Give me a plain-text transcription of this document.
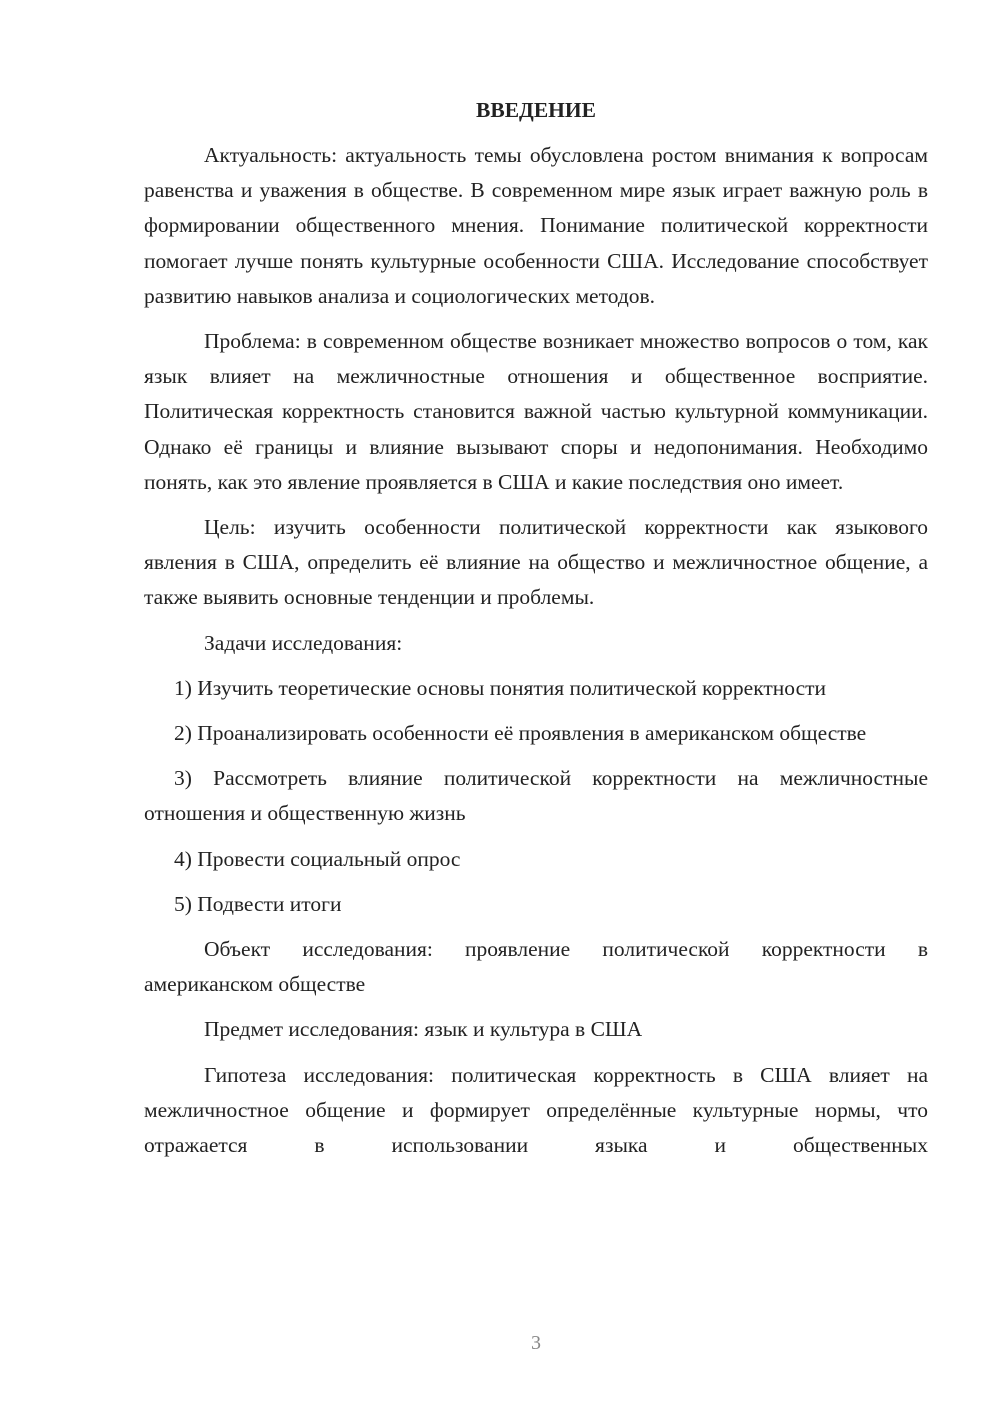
ВВЕДЕНИЕ

Актуальность: актуальность темы обусловлена ростом внимания к вопросам равенства и уважения в обществе. В современном мире язык играет важную роль в формировании общественного мнения. Понимание политической корректности помогает лучше понять культурные особенности США. Исследование способствует развитию навыков анализа и социологических методов.

Проблема: в современном обществе возникает множество вопросов о том, как язык влияет на межличностные отношения и общественное восприятие. Политическая корректность становится важной частью культурной коммуникации. Однако её границы и влияние вызывают споры и недопонимания. Необходимо понять, как это явление проявляется в США и какие последствия оно имеет.

Цель: изучить особенности политической корректности как языкового явления в США, определить её влияние на общество и межличностное общение, а также выявить основные тенденции и проблемы.

Задачи исследования:

1) Изучить теоретические основы понятия политической корректности

2) Проанализировать особенности её проявления в американском обществе

3) Рассмотреть влияние политической корректности на межличностные отношения и общественную жизнь

4) Провести социальный опрос

5) Подвести итоги

Объект исследования: проявление политической корректности в американском обществе

Предмет исследования: язык и культура в США

Гипотеза исследования: политическая корректность в США влияет на межличностное общение и формирует определённые культурные нормы, что отражается в использовании языка и общественных

3
